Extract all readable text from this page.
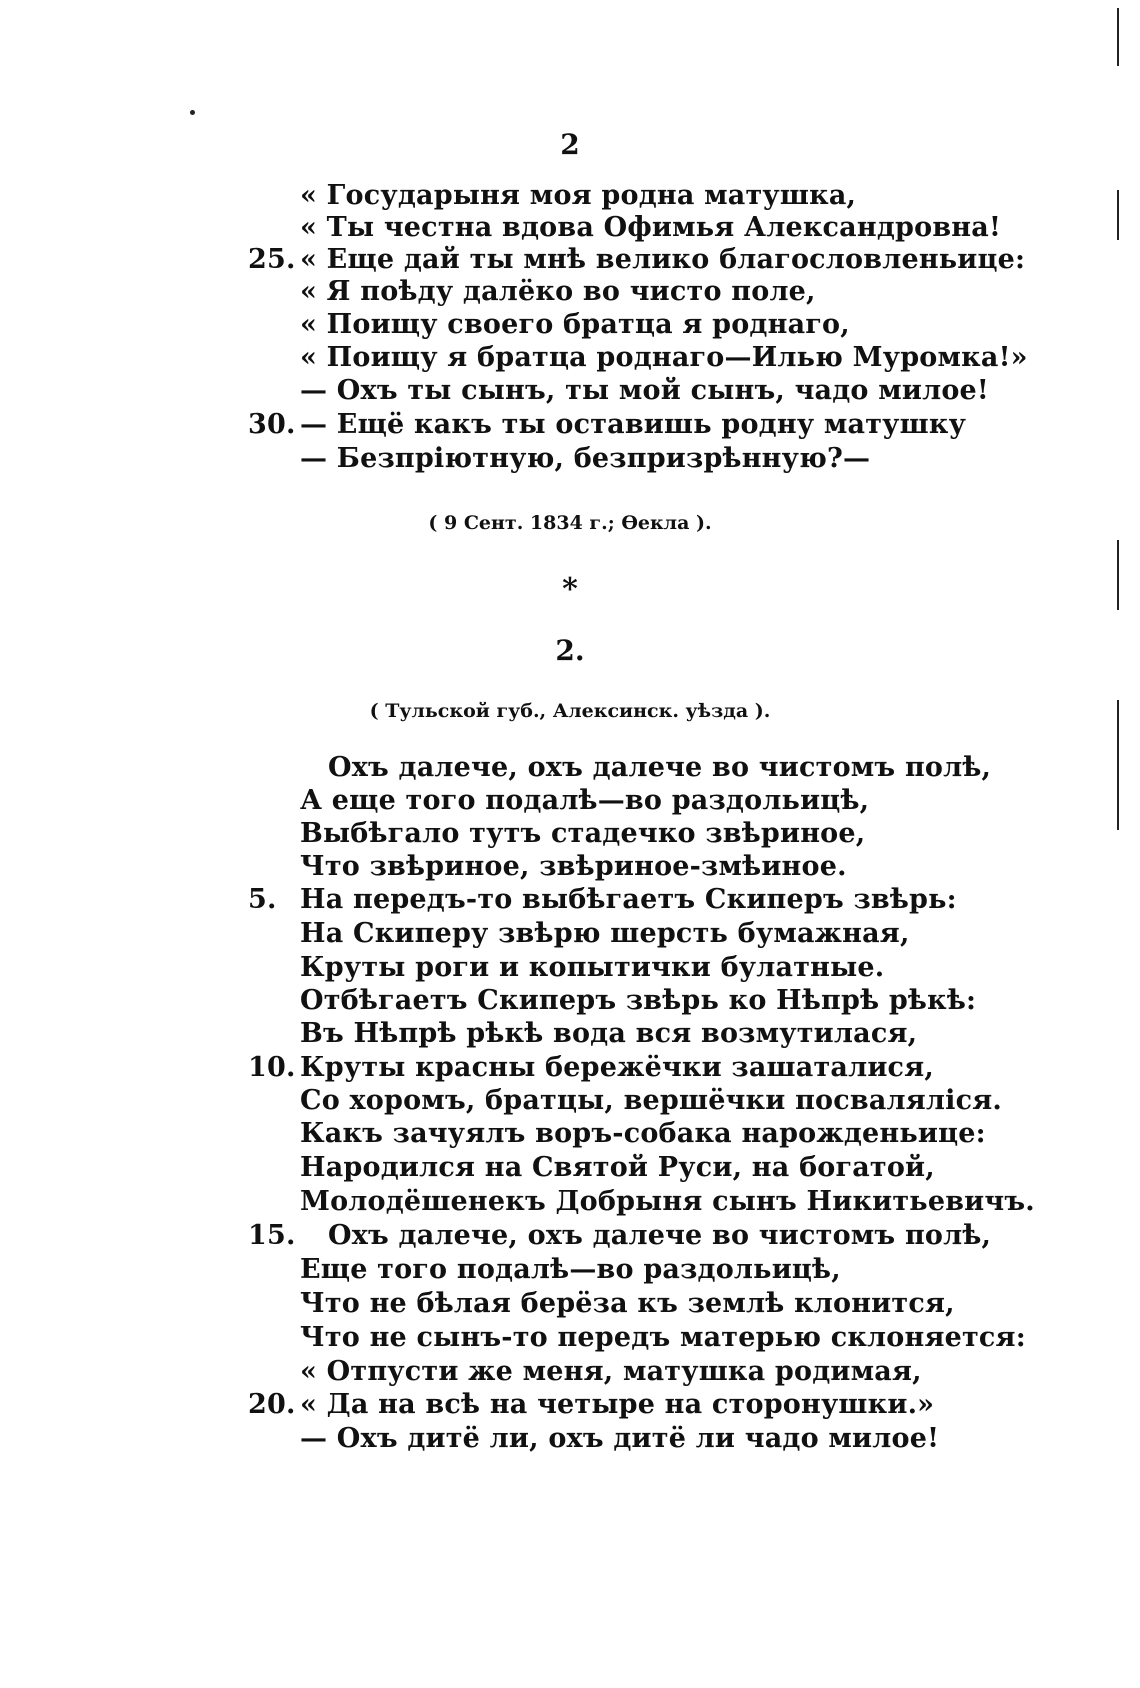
2
« Государыня моя родна матушка,
« Ты честна вдова Офимья Александровна!
25. « Еще дай ты мнѣ велико благословленьице:
« Я поѣду далёко во чисто поле,
« Поищу своего братца я роднаго,
« Поищу я братца роднаго—Илью Муромка!»
— Охъ ты сынъ, ты мой сынъ, чадо милое!
30. — Ещё какъ ты оставишь родну матушку
— Безпріютную, безпризрѣнную?—
( 9 Сент. 1834 г.; Ѳекла ).
*
2.
( Тульской губ., Алексинск. уѣзда ).
Охъ далече, охъ далече во чистомъ полѣ,
А еще того подалѣ—во раздольицѣ,
Выбѣгало тутъ стадечко звѣриное,
Что звѣриное, звѣриное-змѣиное.
5. На передъ-то выбѣгаетъ Скиперъ звѣрь:
На Скиперу звѣрю шерсть бумажная,
Круты роги и копытички булатные.
Отбѣгаетъ Скиперъ звѣрь ко Нѣпрѣ рѣкѣ:
Въ Нѣпрѣ рѣкѣ вода вся возмутилася,
10. Круты красны бережёчки зашаталися,
Со хоромъ, братцы, вершёчки посваляліся.
Какъ зачуялъ воръ-собака нарожденьице:
Народился на Святой Руси, на богатой,
Молодёшенекъ Добрыня сынъ Никитьевичъ.
15. Охъ далече, охъ далече во чистомъ полѣ,
Еще того подалѣ—во раздольицѣ,
Что не бѣлая берёза къ землѣ клонится,
Что не сынъ-то передъ матерью склоняется:
« Отпусти же меня, матушка родимая,
20. « Да на всѣ на четыре на сторонушки.»
— Охъ дитё ли, охъ дитё ли чадо милое!
